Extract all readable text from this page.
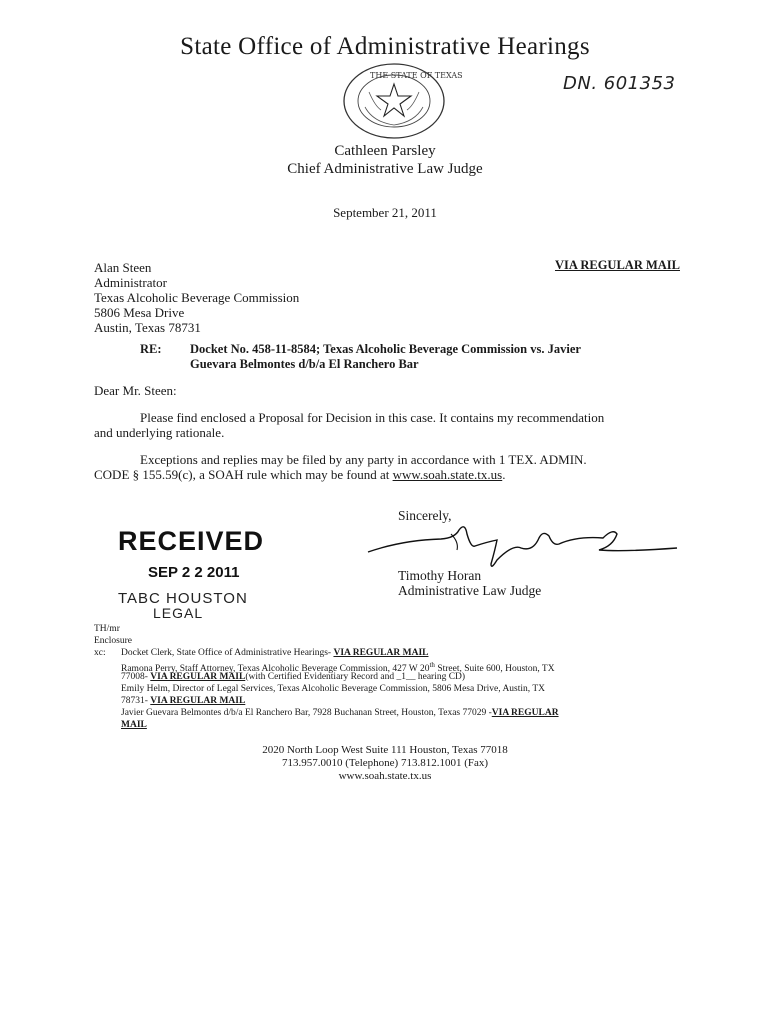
State Office of Administrative Hearings
THE STATE OF TEXAS	DN. 601353
Cathleen Parsley
Chief Administrative Law Judge
September 21, 2011
Alan Steen
Administrator
Texas Alcoholic Beverage Commission
5806 Mesa Drive
Austin, Texas 78731
VIA REGULAR MAIL
RE: Docket No. 458-11-8584; Texas Alcoholic Beverage Commission vs. Javier
Guevara Belmontes d/b/a El Ranchero Bar
Dear Mr. Steen:
Please find enclosed a Proposal for Decision in this case. It contains my recommendation
and underlying rationale.
Exceptions and replies may be filed by any party in accordance with 1 TEX. ADMIN.
CODE § 155.59(c), a SOAH rule which may be found at www.soah.state.tx.us.
RECEIVED
SEP 2 2 2011
TABC HOUSTON
LEGAL
Sincerely,
Timothy Horan
Administrative Law Judge
TH/mr
Enclosure
xc: Docket Clerk, State Office of Administrative Hearings- VIA REGULAR MAIL
Ramona Perry, Staff Attorney, Texas Alcoholic Beverage Commission, 427 W 20th Street, Suite 600, Houston, TX
77008- VIA REGULAR MAIL(with Certified Evidentiary Record and _1__ hearing CD)
Emily Helm, Director of Legal Services, Texas Alcoholic Beverage Commission, 5806 Mesa Drive, Austin, TX
78731- VIA REGULAR MAIL
Javier Guevara Belmontes d/b/a El Ranchero Bar, 7928 Buchanan Street, Houston, Texas 77029 -VIA REGULAR
MAIL
2020 North Loop West Suite 111 Houston, Texas 77018
713.957.0010 (Telephone) 713.812.1001 (Fax)
www.soah.state.tx.us
